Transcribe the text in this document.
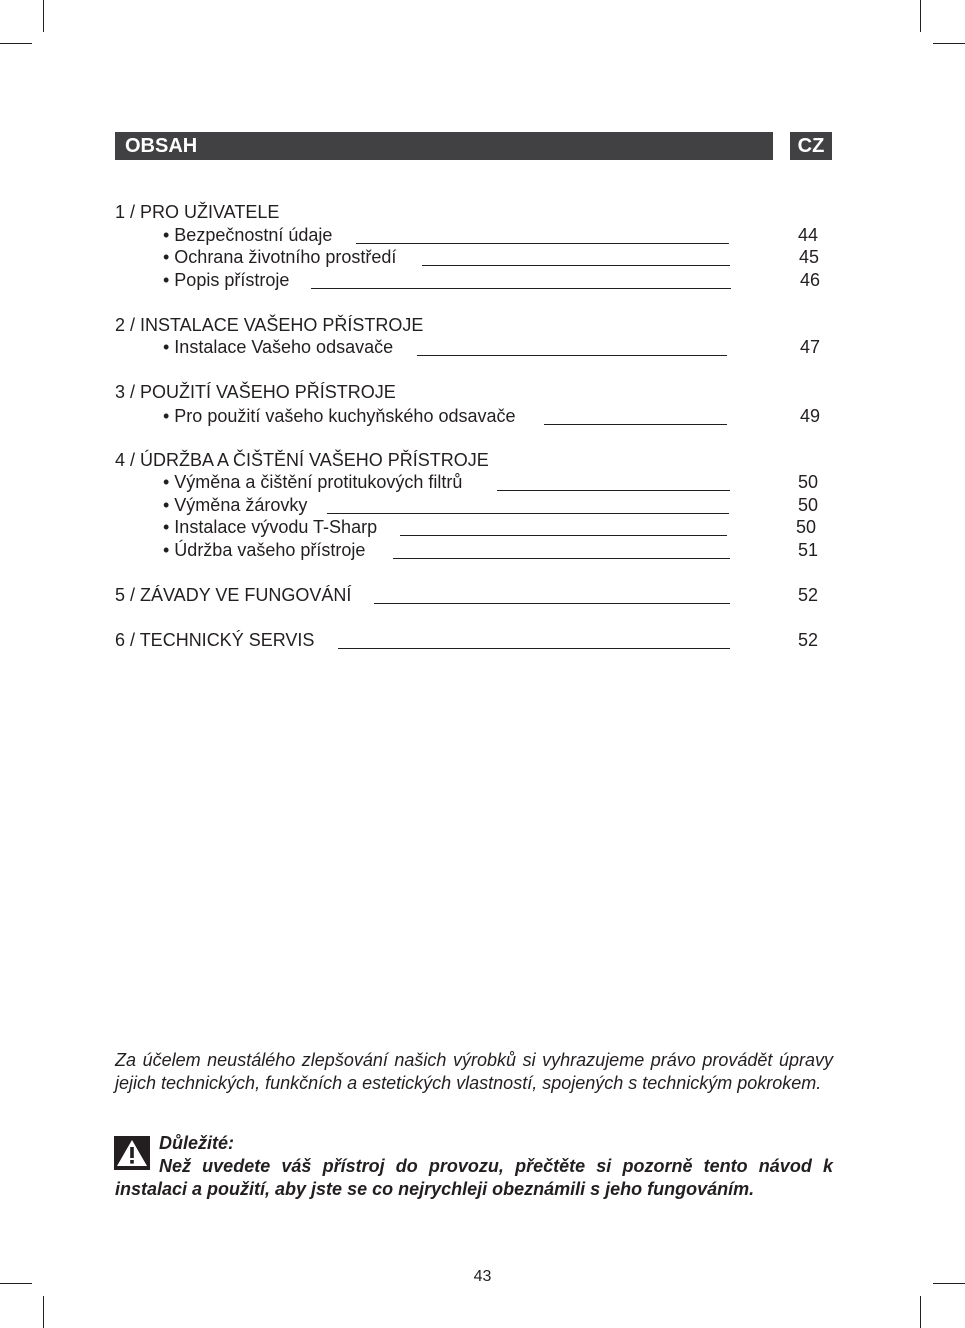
OBSAH	CZ
1 / PRO UŽIVATELE
• Bezpečnostní údaje	44
• Ochrana životního prostředí	45
• Popis přístroje	46
2 / INSTALACE VAŠEHO PŘÍSTROJE
• Instalace Vašeho odsavače	47
3 / POUŽITÍ VAŠEHO PŘÍSTROJE
• Pro použití vašeho kuchyňského odsavače	49
4 / ÚDRŽBA A ČIŠTĚNÍ VAŠEHO PŘÍSTROJE
• Výměna a čištění protitukových filtrů	50
• Výměna žárovky	50
• Instalace vývodu T-Sharp	50
• Údržba vašeho přístroje	51
5 / ZÁVADY VE FUNGOVÁNÍ	52
6 / TECHNICKÝ SERVIS	52

Za účelem neustálého zlepšování našich výrobků si vyhrazujeme právo provádět úpravy jejich technických, funkčních a estetických vlastností, spojených s technickým pokrokem.

Důležité:

Než uvedete váš přístroj do provozu, přečtěte si pozorně tento návod k instalaci a použití, aby jste se co nejrychleji obeznámili s jeho fungováním.

43
